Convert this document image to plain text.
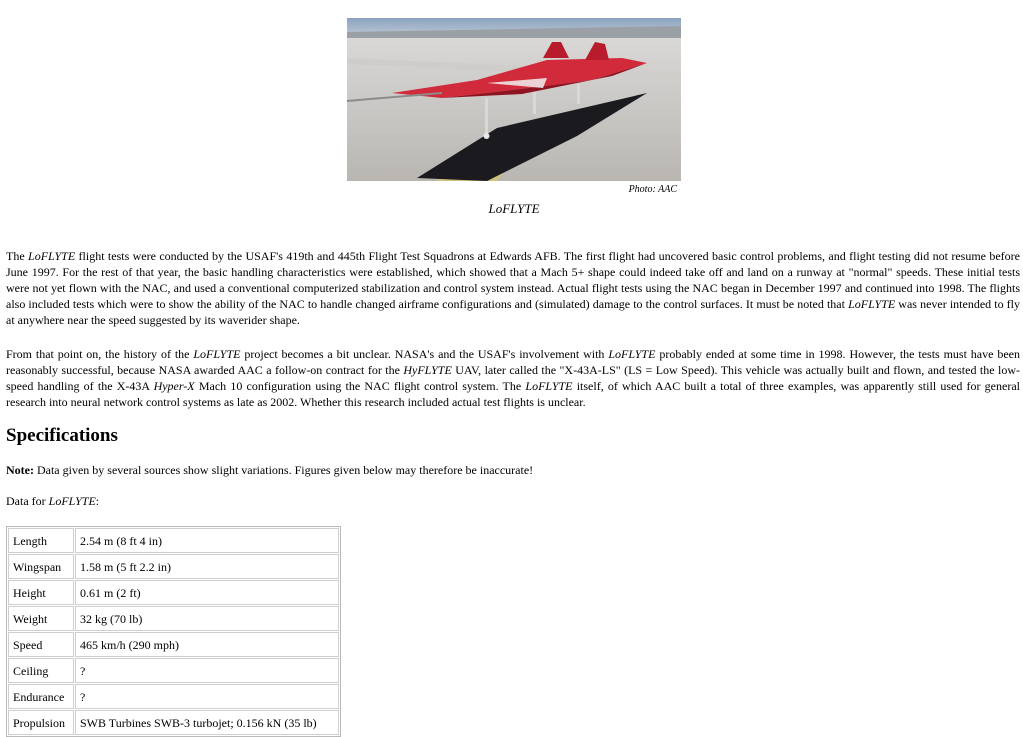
Photo: AAC
LoFLYTE

The LoFLYTE flight tests were conducted by the USAF's 419th and 445th Flight Test Squadrons at Edwards AFB. The first flight had uncovered basic control problems, and flight testing did not resume before June 1997. For the rest of that year, the basic handling characteristics were established, which showed that a Mach 5+ shape could indeed take off and land on a runway at "normal" speeds. These initial tests were not yet flown with the NAC, and used a conventional computerized stabilization and control system instead. Actual flight tests using the NAC began in December 1997 and continued into 1998. The flights also included tests which were to show the ability of the NAC to handle changed airframe configurations and (simulated) damage to the control surfaces. It must be noted that LoFLYTE was never intended to fly at anywhere near the speed suggested by its waverider shape.

From that point on, the history of the LoFLYTE project becomes a bit unclear. NASA's and the USAF's involvement with LoFLYTE probably ended at some time in 1998. However, the tests must have been reasonably successful, because NASA awarded AAC a follow-on contract for the HyFLYTE UAV, later called the "X-43A-LS" (LS = Low Speed). This vehicle was actually built and flown, and tested the low-speed handling of the X-43A Hyper-X Mach 10 configuration using the NAC flight control system. The LoFLYTE itself, of which AAC built a total of three examples, was apparently still used for general research into neural network control systems as late as 2002. Whether this research included actual test flights is unclear.

Specifications

Note: Data given by several sources show slight variations. Figures given below may therefore be inaccurate!

Data for LoFLYTE:

Length	2.54 m (8 ft 4 in)
Wingspan	1.58 m (5 ft 2.2 in)
Height	0.61 m (2 ft)
Weight	32 kg (70 lb)
Speed	465 km/h (290 mph)
Ceiling	?
Endurance	?
Propulsion	SWB Turbines SWB-3 turbojet; 0.156 kN (35 lb)
